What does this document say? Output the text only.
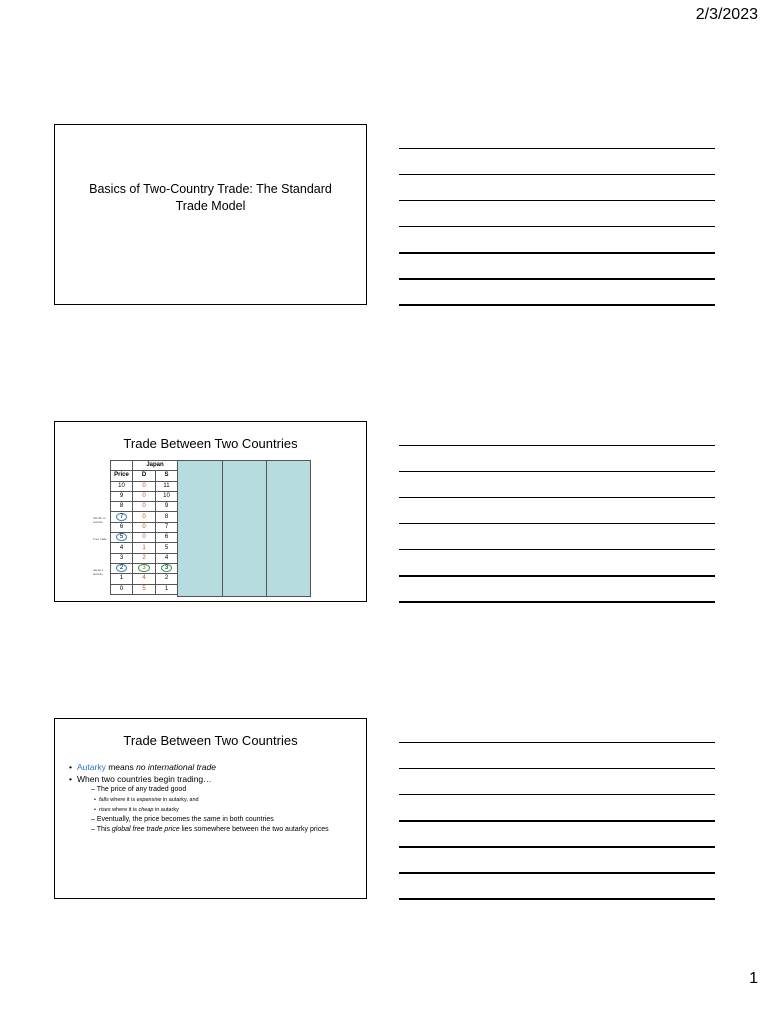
2/3/2023
Basics of Two-Country Trade: The Standard Trade Model
Trade Between Two Countries
Similar to autarky
Free trade
Japan's autarky
	Japan	
Price	D	S
10	0	11
9	0	10
8	0	9
7	0	8
6	0	7
5	0	6
4	1	5
3	2	4
2	3	3
1	4	2
0	5	1
Trade Between Two Countries
• Autarky means no international trade
• When two countries begin trading…
– The price of any traded good
• falls where it is expensive in autarky, and
• rises where it is cheap in autarky
– Eventually, the price becomes the same in both countries
– This global free trade price lies somewhere between the two autarky prices
1
